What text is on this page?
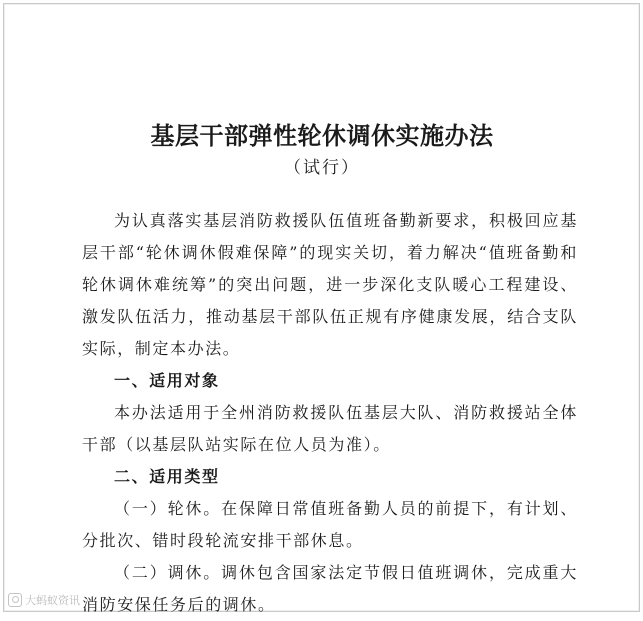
基层干部弹性轮休调休实施办法
（试行）

为认真落实基层消防救援队伍值班备勤新要求，积极回应基层干部“轮休调休假难保障”的现实关切，着力解决“值班备勤和轮休调休难统筹”的突出问题，进一步深化支队暖心工程建设、激发队伍活力，推动基层干部队伍正规有序健康发展，结合支队实际，制定本办法。

一、适用对象

本办法适用于全州消防救援队伍基层大队、消防救援站全体干部（以基层队站实际在位人员为准）。

二、适用类型

（一）轮休。在保障日常值班备勤人员的前提下，有计划、分批次、错时段轮流安排干部休息。

（二）调休。调休包含国家法定节假日值班调休，完成重大消防安保任务后的调休。

大蚂蚁资讯
